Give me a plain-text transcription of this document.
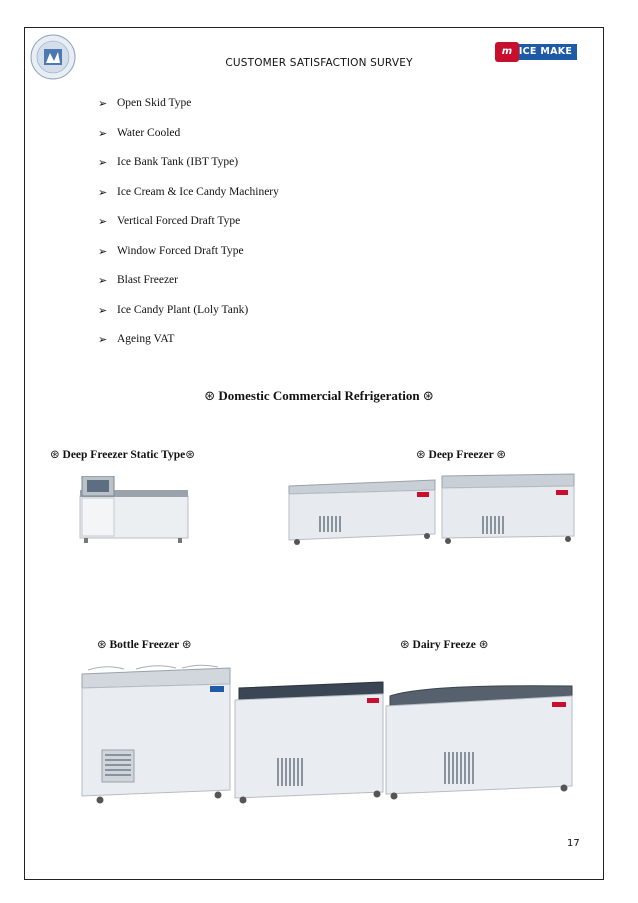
CUSTOMER SATISFACTION SURVEY
ICE MAKE
m
➢ Open Skid Type
➢ Water Cooled
➢ Ice Bank Tank (IBT Type)
➢ Ice Cream & Ice Candy Machinery
➢ Vertical Forced Draft Type
➢ Window Forced Draft Type
➢ Blast Freezer
➢ Ice Candy Plant (Loly Tank)
➢ Ageing VAT
⊛ Domestic Commercial Refrigeration ⊛
⊛ Deep Freezer Static Type⊛	⊛ Deep Freezer ⊛
⊛ Bottle Freezer ⊛	⊛ Dairy Freeze ⊛
17
